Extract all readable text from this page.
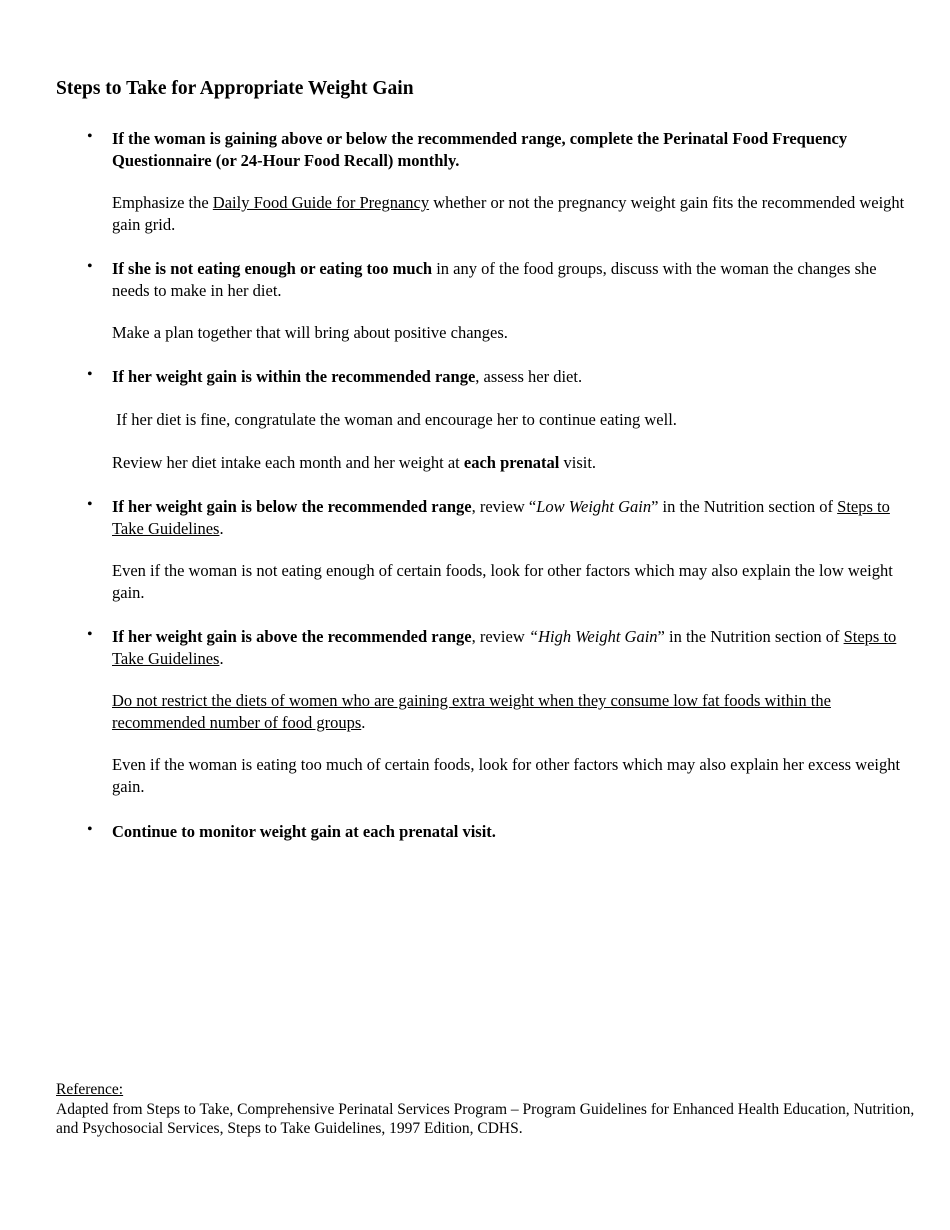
Steps to Take for Appropriate Weight Gain
• If the woman is gaining above or below the recommended range, complete the Perinatal Food Frequency Questionnaire (or 24-Hour Food Recall) monthly.
Emphasize the Daily Food Guide for Pregnancy whether or not the pregnancy weight gain fits the recommended weight gain grid.
• If she is not eating enough or eating too much in any of the food groups, discuss with the woman the changes she needs to make in her diet.
Make a plan together that will bring about positive changes.
• If her weight gain is within the recommended range, assess her diet.
If her diet is fine, congratulate the woman and encourage her to continue eating well.
Review her diet intake each month and her weight at each prenatal visit.
• If her weight gain is below the recommended range, review “Low Weight Gain” in the Nutrition section of Steps to Take Guidelines.
Even if the woman is not eating enough of certain foods, look for other factors which may also explain the low weight gain.
• If her weight gain is above the recommended range, review “High Weight Gain” in the Nutrition section of Steps to Take Guidelines.
Do not restrict the diets of women who are gaining extra weight when they consume low fat foods within the recommended number of food groups.
Even if the woman is eating too much of certain foods, look for other factors which may also explain her excess weight gain.
• Continue to monitor weight gain at each prenatal visit.
Reference:
Adapted from Steps to Take, Comprehensive Perinatal Services Program – Program Guidelines for Enhanced Health Education, Nutrition, and Psychosocial Services, Steps to Take Guidelines, 1997 Edition, CDHS.
